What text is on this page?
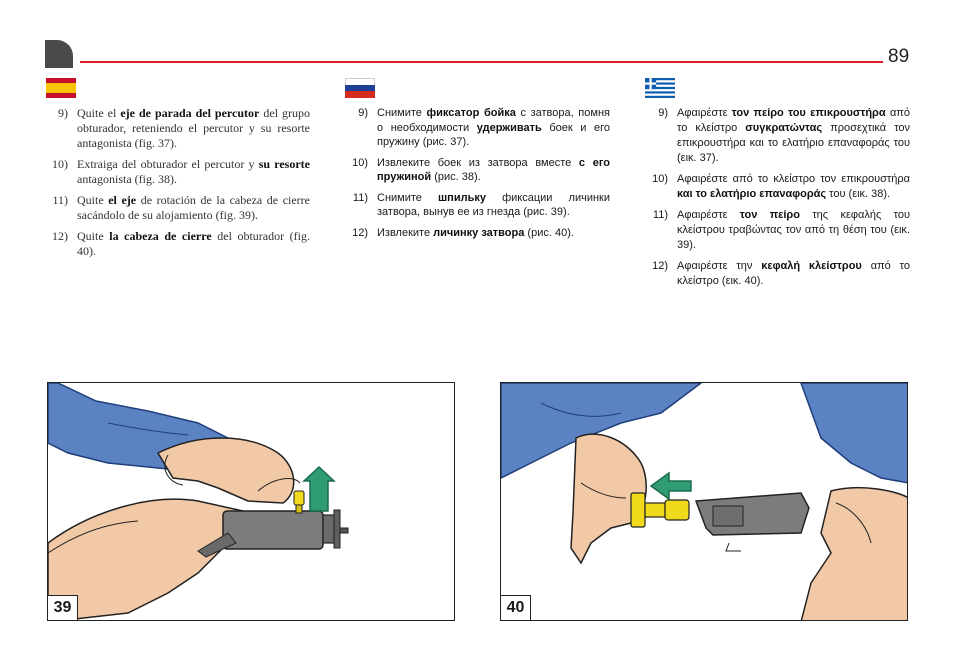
89
9) Quite el eje de parada del percutor del grupo obturador, reteniendo el percutor y su resorte antagonista (fig. 37).
10) Extraiga del obturador el percutor y su resorte antagonista (fig. 38).
11) Quite el eje de rotación de la cabeza de cierre sacándolo de su alojamiento (fig. 39).
12) Quite la cabeza de cierre del obturador (fig. 40).
9) Снимите фиксатор бойка с затвора, помня о необходимости удерживать боек и его пружину (рис. 37).
10) Извлеките боек из затвора вместе с его пружиной (рис. 38).
11) Снимите шпильку фиксации личинки затвора, вынув ее из гнезда (рис. 39).
12) Извлеките личинку затвора (рис. 40).
9) Αφαιρέστε τον πείρο του επικρουστήρα από το κλείστρο συγκρατώντας προσεχτικά τον επικρουστήρα και το ελατήριο επαναφοράς του (εικ. 37).
10) Αφαιρέστε από το κλείστρο τον επικρουστήρα και το ελατήριο επαναφοράς του (εικ. 38).
11) Αφαιρέστε τον πείρο της κεφαλής του κλείστρου τραβώντας τον από τη θέση του (εικ. 39).
12) Αφαιρέστε την κεφαλή κλείστρου από το κλείστρο (εικ. 40).
39	40
